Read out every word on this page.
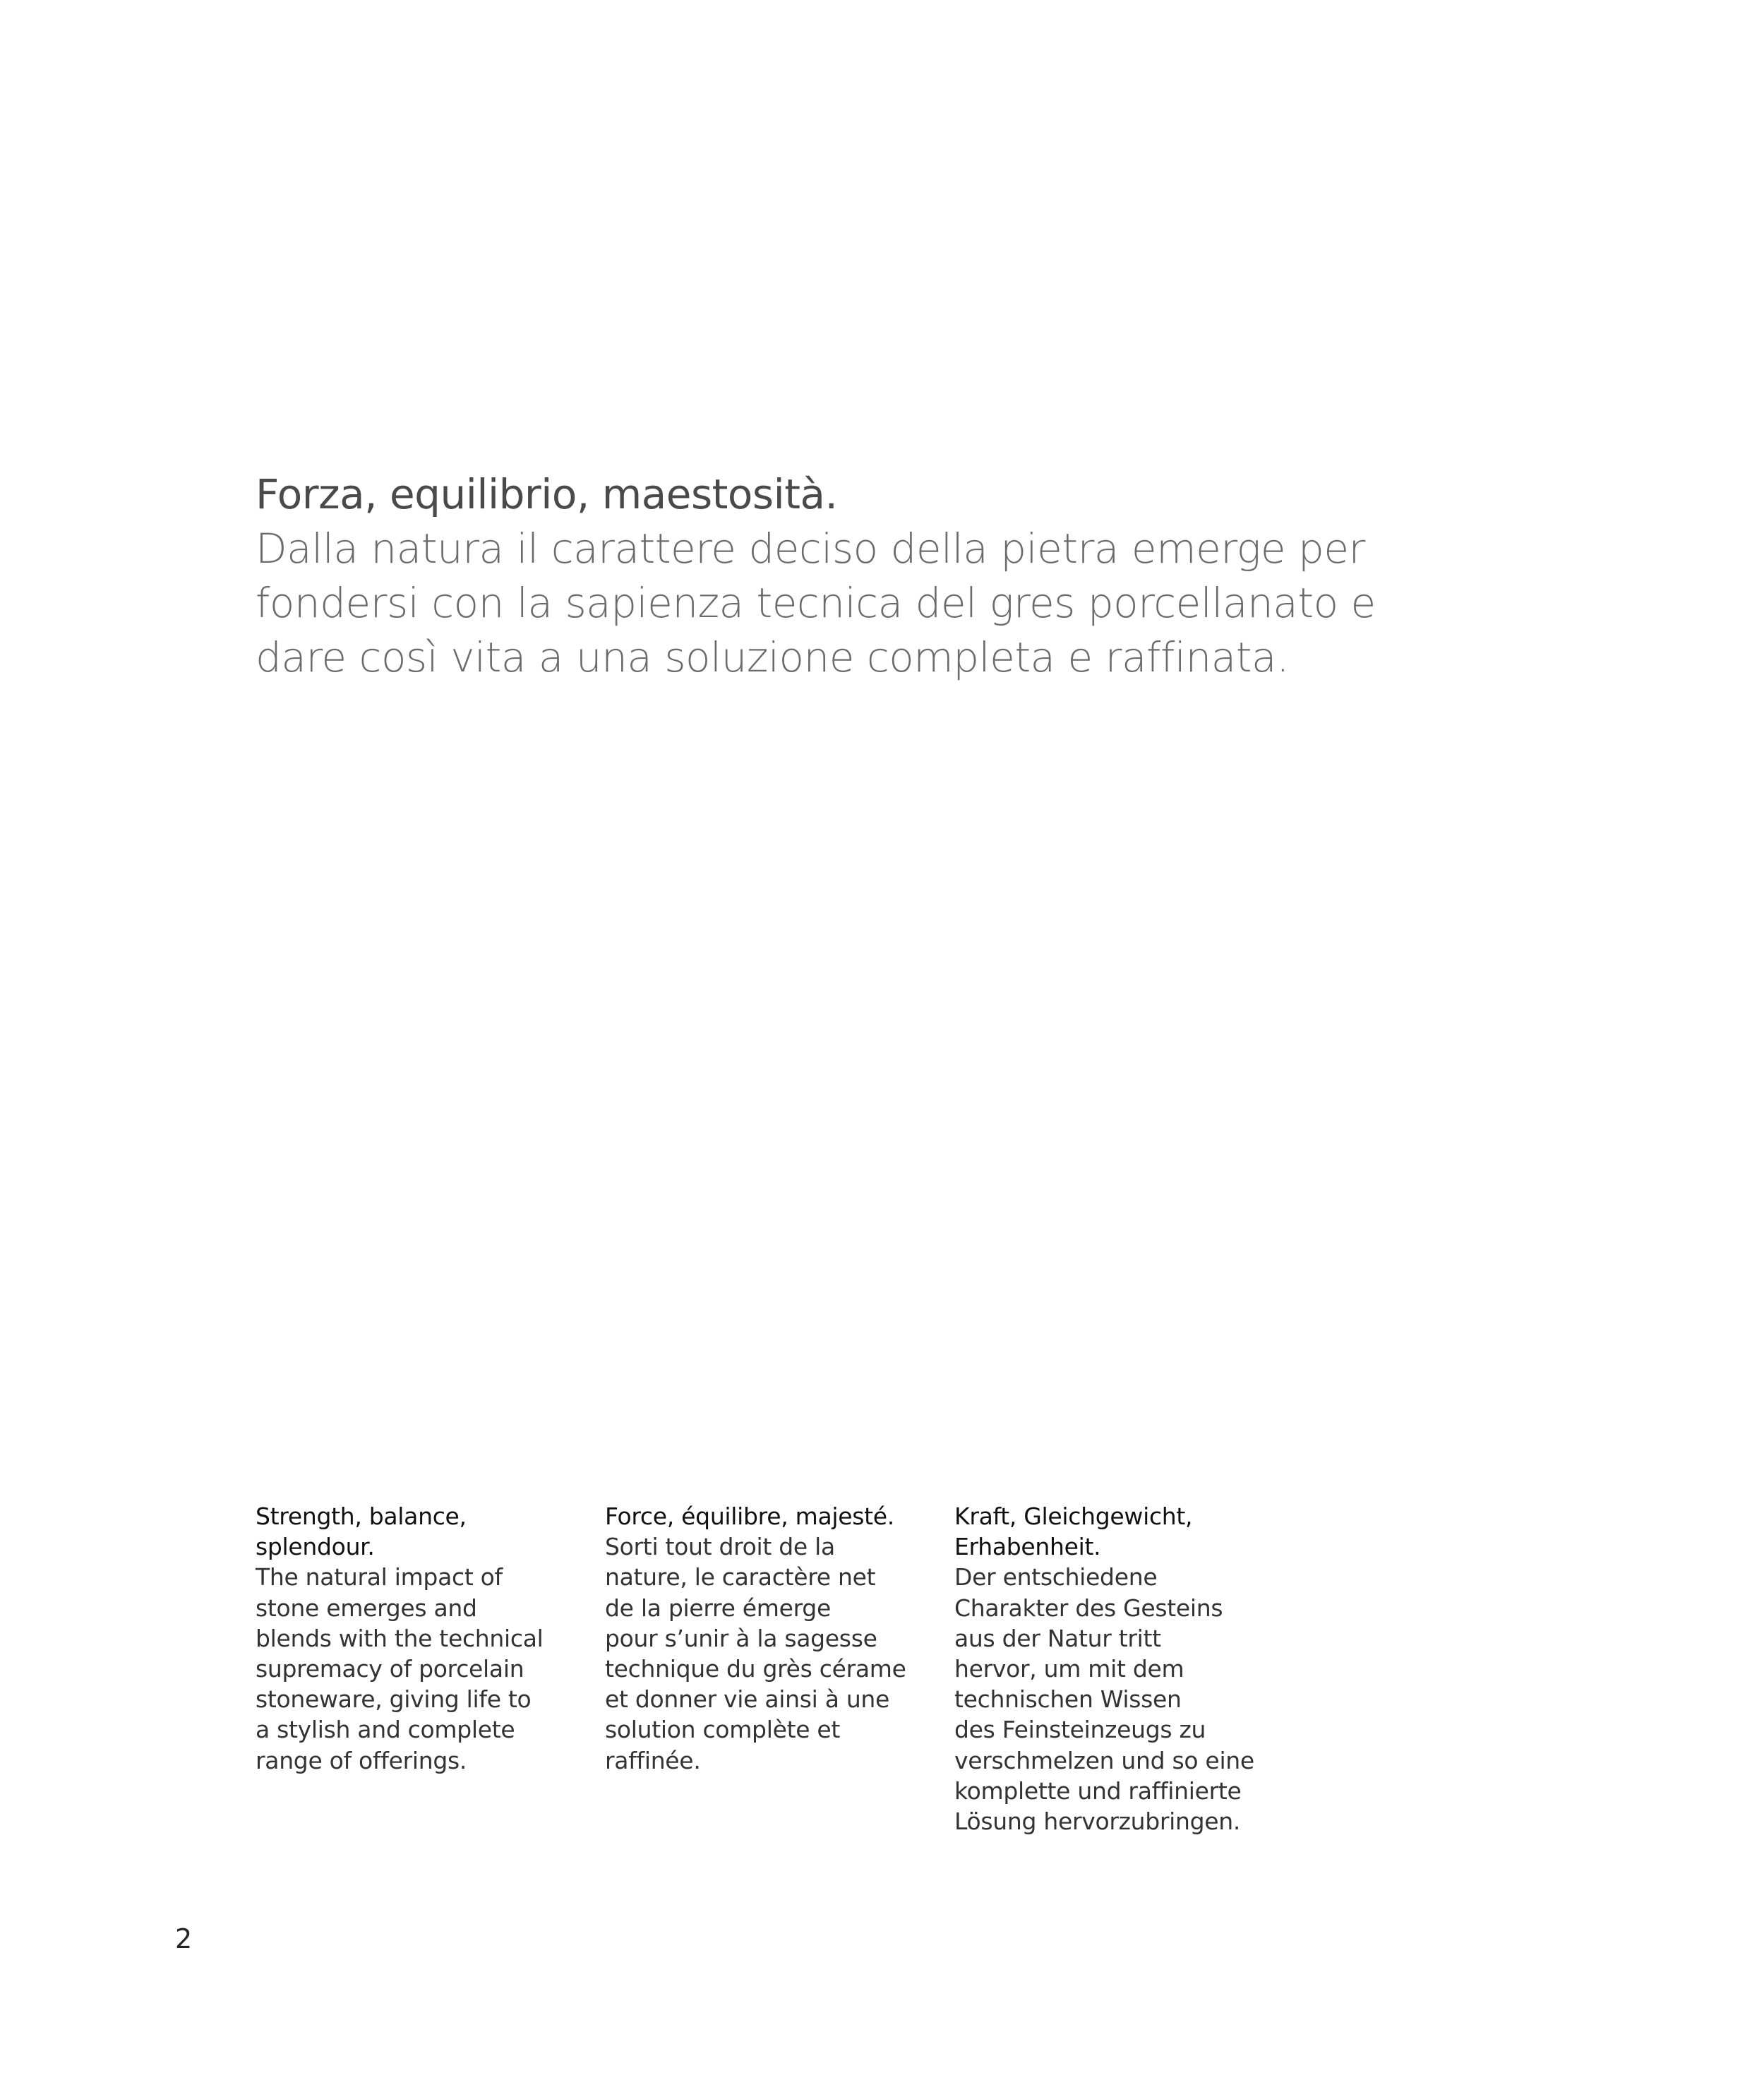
Forza, equilibrio, maestosità.
Dalla natura il carattere deciso della pietra emerge per
fondersi con la sapienza tecnica del gres porcellanato e
dare così vita a una soluzione completa e raffinata.
Strength, balance,
splendour.
The natural impact of
stone emerges and
blends with the technical
supremacy of porcelain
stoneware, giving life to
a stylish and complete
range of offerings.
Force, équilibre, majesté.
Sorti tout droit de la
nature, le caractère net
de la pierre émerge
pour s’unir à la sagesse
technique du grès cérame
et donner vie ainsi à une
solution complète et
raffinée.
Kraft, Gleichgewicht,
Erhabenheit.
Der entschiedene
Charakter des Gesteins
aus der Natur tritt
hervor, um mit dem
technischen Wissen
des Feinsteinzeugs zu
verschmelzen und so eine
komplette und raffinierte
Lösung hervorzubringen.
2
